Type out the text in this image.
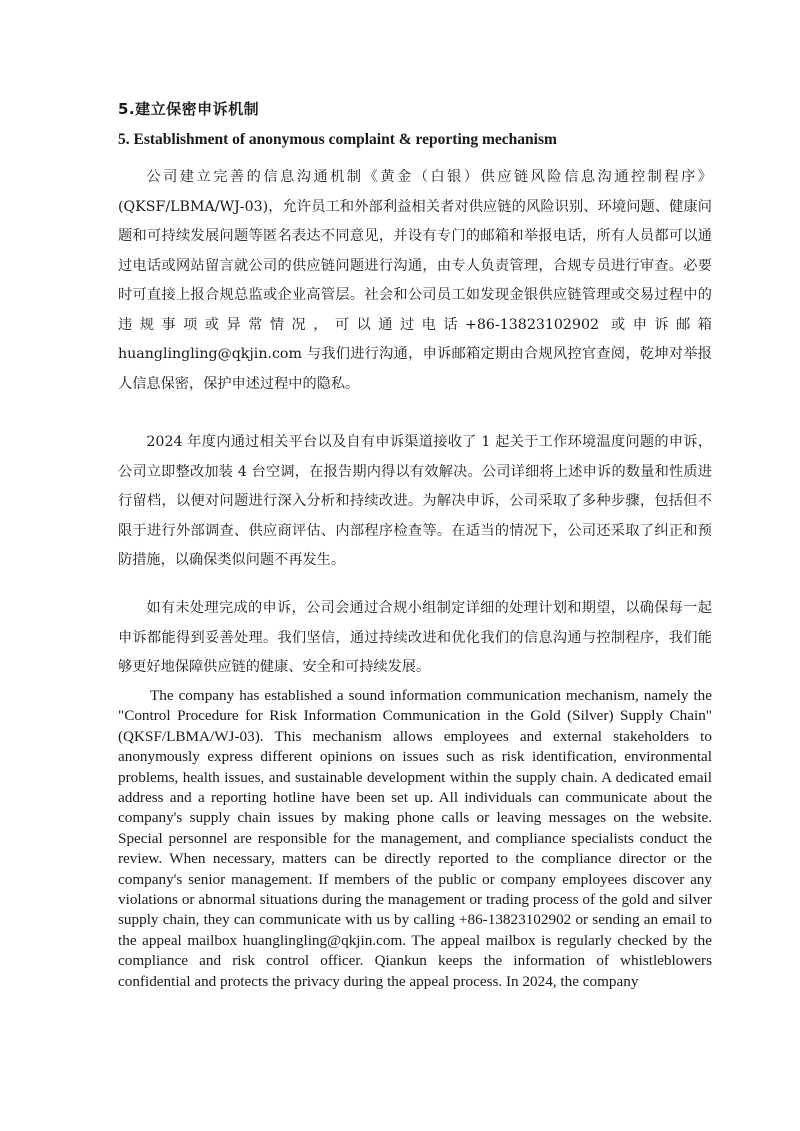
5.建立保密申诉机制
5. Establishment of anonymous complaint & reporting mechanism

公司建立完善的信息沟通机制《黄金（白银）供应链风险信息沟通控制程序》(QKSF/LBMA/WJ-03)，允许员工和外部利益相关者对供应链的风险识别、环境问题、健康问题和可持续发展问题等匿名表达不同意见，并设有专门的邮箱和举报电话，所有人员都可以通过电话或网站留言就公司的供应链问题进行沟通，由专人负责管理，合规专员进行审查。必要时可直接上报合规总监或企业高管层。社会和公司员工如发现金银供应链管理或交易过程中的违规事项或异常情况，可以通过电话+86-13823102902 或申诉邮箱 huanglingling@qkjin.com 与我们进行沟通，申诉邮箱定期由合规风控官查阅，乾坤对举报人信息保密，保护申述过程中的隐私。

2024 年度内通过相关平台以及自有申诉渠道接收了 1 起关于工作环境温度问题的申诉，公司立即整改加装 4 台空调，在报告期内得以有效解决。公司详细将上述申诉的数量和性质进行留档，以便对问题进行深入分析和持续改进。为解决申诉，公司采取了多种步骤，包括但不限于进行外部调查、供应商评估、内部程序检查等。在适当的情况下，公司还采取了纠正和预防措施，以确保类似问题不再发生。

如有未处理完成的申诉，公司会通过合规小组制定详细的处理计划和期望，以确保每一起申诉都能得到妥善处理。我们坚信，通过持续改进和优化我们的信息沟通与控制程序，我们能够更好地保障供应链的健康、安全和可持续发展。

The company has established a sound information communication mechanism, namely the "Control Procedure for Risk Information Communication in the Gold (Silver) Supply Chain" (QKSF/LBMA/WJ-03). This mechanism allows employees and external stakeholders to anonymously express different opinions on issues such as risk identification, environmental problems, health issues, and sustainable development within the supply chain. A dedicated email address and a reporting hotline have been set up. All individuals can communicate about the company's supply chain issues by making phone calls or leaving messages on the website. Special personnel are responsible for the management, and compliance specialists conduct the review. When necessary, matters can be directly reported to the compliance director or the company's senior management. If members of the public or company employees discover any violations or abnormal situations during the management or trading process of the gold and silver supply chain, they can communicate with us by calling +86-13823102902 or sending an email to the appeal mailbox huanglingling@qkjin.com. The appeal mailbox is regularly checked by the compliance and risk control officer. Qiankun keeps the information of whistleblowers confidential and protects the privacy during the appeal process. In 2024, the company
